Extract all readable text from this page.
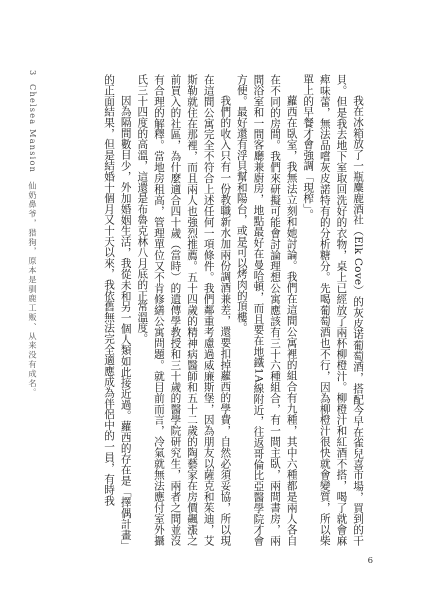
3 Chelsea Mansion 仙奶鼻爷，猎狗，原本是驯鹿工贩、从来没有成名。	我在冰箱放了一瓶麋鹿酒社（Elk Cove）的灰皮诺葡萄酒，搭配今早在雀兒喜市場，買到的干貝。但是我去地下室取回洗好的衣物，桌上已經放了兩杯柳橙汁。柳橙汁和紅酒不搭，喝了就會麻痺味蕾，無法品嚐灰皮諾特有的分析糖分。先喝葡萄酒也不行，因為柳橙汁很快就會變質，所以柴單上的早餐才會強調「現榨」。

蘿西在臥室，我無法立刻和她討論。我們在這間公寓裡的組合有九種，其中六種都是兩人各自在不同的房間。我們來研擬可能會討論理想公寓應該有三十六種組合，有一間主臥，兩間書房，兩間浴室和一間客廳兼廚房，地點最好在曼哈頓，而且要在地鐵1A線附近，往返哥倫比亞醫學院才會方便。最好還有浮貝幫和陽台，或是可以烤肉的頂樓。

我們的收入只有一份教職新水加兩份調酒兼差，還要扣掉蘿西的學費，自然必須妥協，所以現在這間公寓完全不符合上述任何一項條件。我們鄰重考慮過威廉斯堡，因為朋友以薩克和茱迪，艾斯勒就住在那裡，而且兩人也強烈推薦。五十四歲的精神病醫師和五十二歲的陶藝家在房價飆漲之前買入的社區，為什麼適合四十歲（當時）的遺傳學教授和三十歲的醫學院研究生，兩者之間並沒有合理的解釋。當地房租高，管理單位又不肯修繕公寓問題。就目前而言，冷氣就無法應付室外攝氏三十四度的高溫，這還是布魯克林八月底的正常溫度。

因為隔間數目少，外加婚姻生活，我從未和另一個人類如此接近過。蘿西的存在是「擇偶計畫」的正面結果，但是結婚十個月又十天以來，我依舊無法完全適應成為伴侶中的一員，有時我

6
